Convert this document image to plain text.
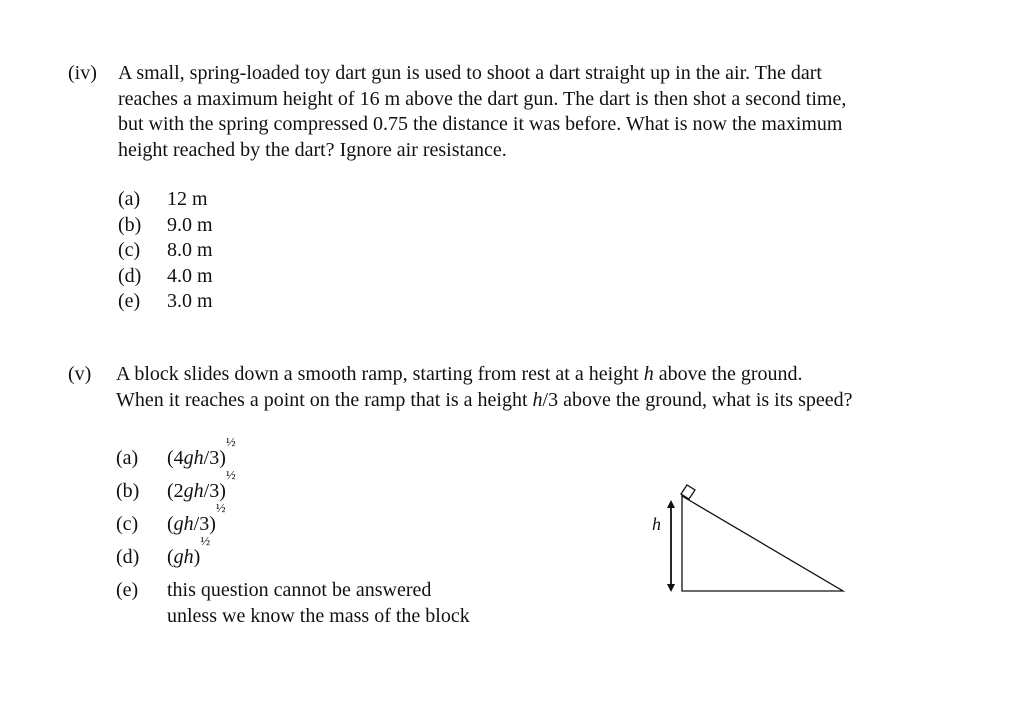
(iv) A small, spring-loaded toy dart gun is used to shoot a dart straight up in the air. The dart
reaches a maximum height of 16 m above the dart gun. The dart is then shot a second time,
but with the spring compressed 0.75 the distance it was before. What is now the maximum
height reached by the dart? Ignore air resistance.
(a) 12 m
(b) 9.0 m
(c) 8.0 m
(d) 4.0 m
(e) 3.0 m
(v) A block slides down a smooth ramp, starting from rest at a height h above the ground.
When it reaches a point on the ramp that is a height h/3 above the ground, what is its speed?
(a) $(4gh/3)^{\frac{1}{2}}$
(b) $(2gh/3)^{\frac{1}{2}}$
(c) $(gh/3)^{\frac{1}{2}}$
(d) (gh)$^{\frac{1}{2}}$
(e) this question cannot be answered
unless we know the mass of the block
h
